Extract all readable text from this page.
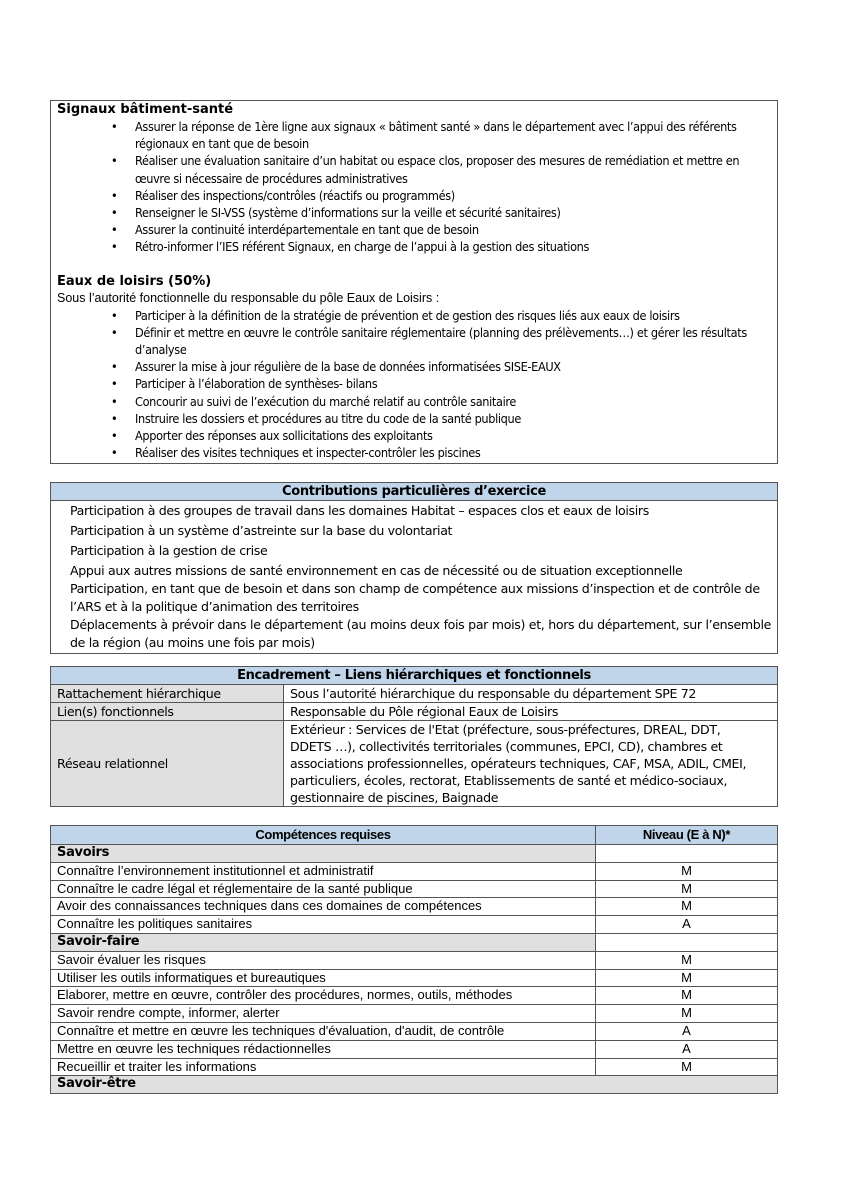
Signaux bâtiment-santé

• Assurer la réponse de 1ère ligne aux signaux « bâtiment santé » dans le département avec l’appui des référents régionaux en tant que de besoin
• Réaliser une évaluation sanitaire d’un habitat ou espace clos, proposer des mesures de remédiation et mettre en œuvre si nécessaire de procédures administratives
• Réaliser des inspections/contrôles (réactifs ou programmés)
• Renseigner le SI-VSS (système d’informations sur la veille et sécurité sanitaires)
• Assurer la continuité interdépartementale en tant que de besoin
• Rétro-informer l’IES référent Signaux, en charge de l’appui à la gestion des situations

Eaux de loisirs (50%)

Sous l’autorité fonctionnelle du responsable du pôle Eaux de Loisirs :

• Participer à la définition de la stratégie de prévention et de gestion des risques liés aux eaux de loisirs
• Définir et mettre en œuvre le contrôle sanitaire réglementaire (planning des prélèvements…) et gérer les résultats d’analyse
• Assurer la mise à jour régulière de la base de données informatisées SISE-EAUX
• Participer à l’élaboration de synthèses- bilans
• Concourir au suivi de l’exécution du marché relatif au contrôle sanitaire
• Instruire les dossiers et procédures au titre du code de la santé publique
• Apporter des réponses aux sollicitations des exploitants
• Réaliser des visites techniques et inspecter-contrôler les piscines
Contributions particulières d’exercice
Participation à des groupes de travail dans les domaines Habitat – espaces clos et eaux de loisirs
Participation à un système d’astreinte sur la base du volontariat
Participation à la gestion de crise
Appui aux autres missions de santé environnement en cas de nécessité ou de situation exceptionnelle
Participation, en tant que de besoin et dans son champ de compétence aux missions d’inspection et de contrôle de l’ARS et à la politique d’animation des territoires
Déplacements à prévoir dans le département (au moins deux fois par mois) et, hors du département, sur l’ensemble de la région (au moins une fois par mois)
Encadrement – Liens hiérarchiques et fonctionnels	
Rattachement hiérarchique	Sous l’autorité hiérarchique du responsable du département SPE 72
Lien(s) fonctionnels	Responsable du Pôle régional Eaux de Loisirs
Réseau relationnel	Extérieur : Services de l'Etat (préfecture, sous-préfectures, DREAL, DDT, DDETS …), collectivités territoriales (communes, EPCI, CD), chambres et associations professionnelles, opérateurs techniques, CAF, MSA, ADIL, CMEI, particuliers, écoles, rectorat, Etablissements de santé et médico-sociaux, gestionnaire de piscines, Baignade
Compétences requises	Niveau (E à N)*
Savoirs	
Connaître l’environnement institutionnel et administratif	M
Connaître le cadre légal et réglementaire de la santé publique	M
Avoir des connaissances techniques dans ces domaines de compétences	M
Connaître les politiques sanitaires	A
Savoir-faire	
Savoir évaluer les risques	M
Utiliser les outils informatiques et bureautiques	M
Elaborer, mettre en œuvre, contrôler des procédures, normes, outils, méthodes	M
Savoir rendre compte, informer, alerter	M
Connaître et mettre en œuvre les techniques d'évaluation, d'audit, de contrôle	A
Mettre en œuvre les techniques rédactionnelles	A
Recueillir et traiter les informations	M
Savoir-être	
